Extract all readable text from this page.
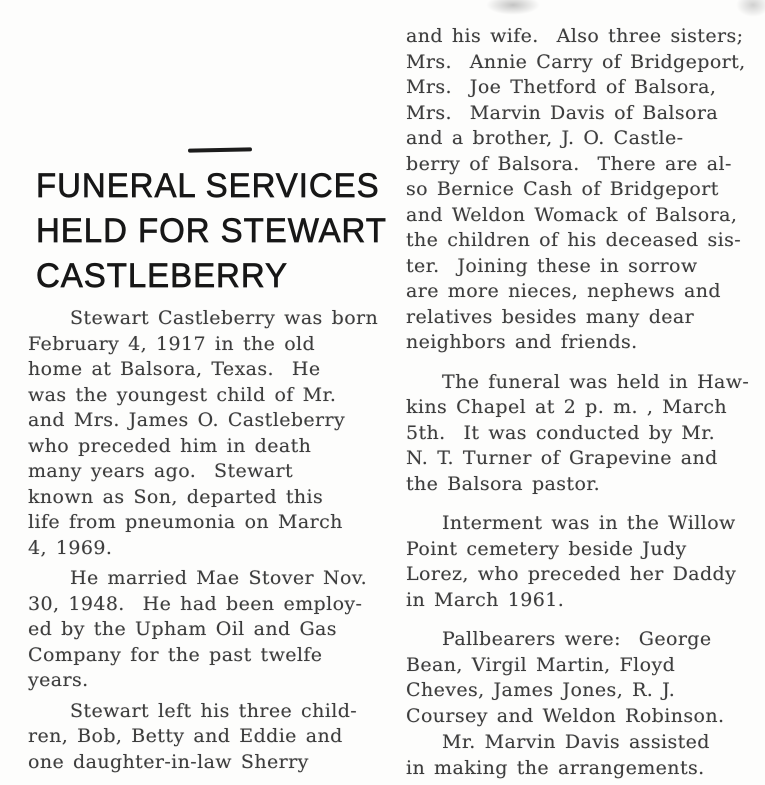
FUNERAL SERVICES
HELD FOR STEWART
CASTLEBERRY

Stewart Castleberry was born
February 4, 1917 in the old
home at Balsora, Texas.  He
was the youngest child of Mr.
and Mrs. James O. Castleberry
who preceded him in death
many years ago.  Stewart
known as Son, departed this
life from pneumonia on March
4, 1969.

He married Mae Stover Nov.
30, 1948.  He had been employ-
ed by the Upham Oil and Gas
Company for the past twelfe
years.

Stewart left his three child-
ren, Bob, Betty and Eddie and
one daughter-in-law Sherry

and his wife.  Also three sisters;
Mrs.  Annie Carry of Bridgeport,
Mrs.  Joe Thetford of Balsora,
Mrs.  Marvin Davis of Balsora
and a brother, J. O. Castle-
berry of Balsora.  There are al-
so Bernice Cash of Bridgeport
and Weldon Womack of Balsora,
the children of his deceased sis-
ter.  Joining these in sorrow
are more nieces, nephews and
relatives besides many dear
neighbors and friends.

The funeral was held in Haw-
kins Chapel at 2 p. m. , March
5th.  It was conducted by Mr.
N. T. Turner of Grapevine and
the Balsora pastor.

Interment was in the Willow
Point cemetery beside Judy
Lorez, who preceded her Daddy
in March 1961.

Pallbearers were:  George
Bean, Virgil Martin, Floyd
Cheves, James Jones, R. J.
Coursey and Weldon Robinson.

Mr. Marvin Davis assisted
in making the arrangements.
